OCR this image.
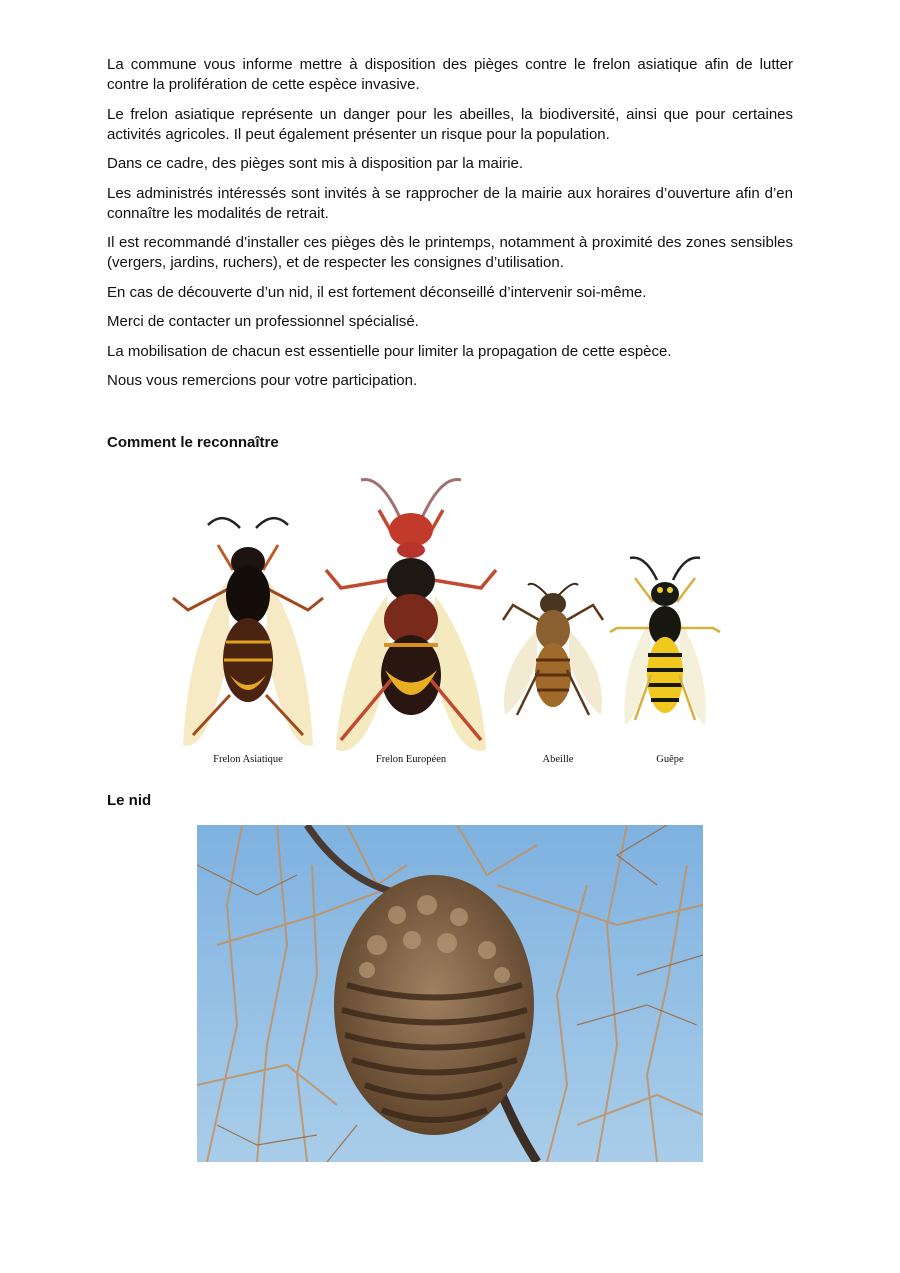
La commune vous informe mettre à disposition des pièges contre le frelon asiatique afin de lutter contre la prolifération de cette espèce invasive.

Le frelon asiatique représente un danger pour les abeilles, la biodiversité, ainsi que pour certaines activités agricoles. Il peut également présenter un risque pour la population.

Dans ce cadre, des pièges sont mis à disposition par la mairie.

Les administrés intéressés sont invités à se rapprocher de la mairie aux horaires d’ouverture afin d’en connaître les modalités de retrait.

Il est recommandé d’installer ces pièges dès le printemps, notamment à proximité des zones sensibles (vergers, jardins, ruchers), et de respecter les consignes d’utilisation.

En cas de découverte d’un nid, il est fortement déconseillé d’intervenir soi-même.

Merci de contacter un professionnel spécialisé.

La mobilisation de chacun est essentielle pour limiter la propagation de cette espèce.

Nous vous remercions pour votre participation.

Comment le reconnaître
Frelon Asiatique	Frelon Européen	Abeille	Guêpe
Le nid
